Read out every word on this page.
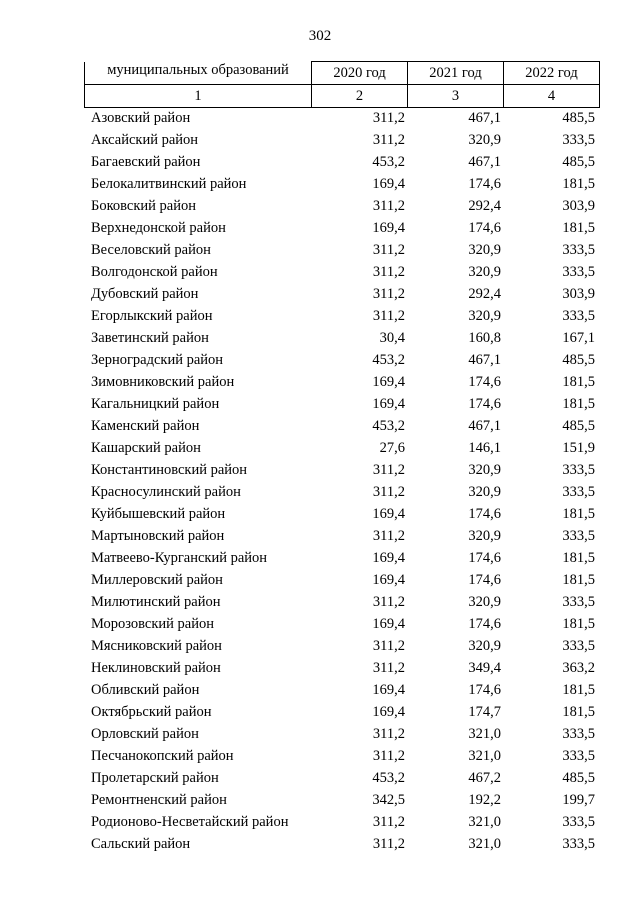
302
муниципальных образований	2020 год	2021 год	2022 год
1	2	3	4
Азовский район	311,2	467,1	485,5
Аксайский район	311,2	320,9	333,5
Багаевский район	453,2	467,1	485,5
Белокалитвинский район	169,4	174,6	181,5
Боковский район	311,2	292,4	303,9
Верхнедонской район	169,4	174,6	181,5
Веселовский район	311,2	320,9	333,5
Волгодонской район	311,2	320,9	333,5
Дубовский район	311,2	292,4	303,9
Егорлыкский район	311,2	320,9	333,5
Заветинский район	30,4	160,8	167,1
Зерноградский район	453,2	467,1	485,5
Зимовниковский район	169,4	174,6	181,5
Кагальницкий район	169,4	174,6	181,5
Каменский район	453,2	467,1	485,5
Кашарский район	27,6	146,1	151,9
Константиновский район	311,2	320,9	333,5
Красносулинский район	311,2	320,9	333,5
Куйбышевский район	169,4	174,6	181,5
Мартыновский район	311,2	320,9	333,5
Матвеево-Курганский район	169,4	174,6	181,5
Миллеровский район	169,4	174,6	181,5
Милютинский район	311,2	320,9	333,5
Морозовский район	169,4	174,6	181,5
Мясниковский район	311,2	320,9	333,5
Неклиновский район	311,2	349,4	363,2
Обливский район	169,4	174,6	181,5
Октябрьский район	169,4	174,7	181,5
Орловский район	311,2	321,0	333,5
Песчанокопский район	311,2	321,0	333,5
Пролетарский район	453,2	467,2	485,5
Ремонтненский район	342,5	192,2	199,7
Родионово-Несветайский район	311,2	321,0	333,5
Сальский район	311,2	321,0	333,5
